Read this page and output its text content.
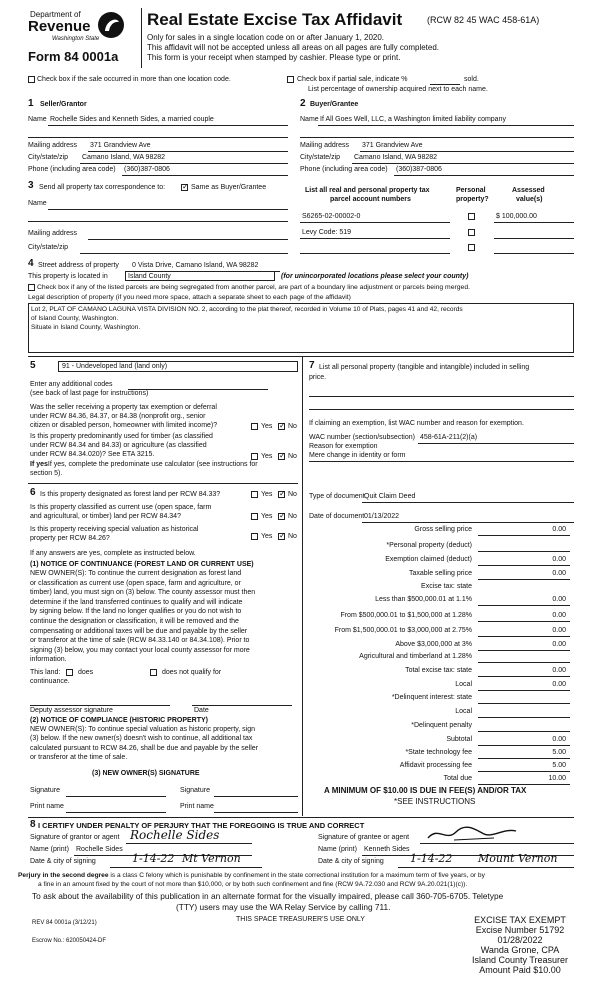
Department of
Revenue
Washington State
Form 84 0001a
Real Estate Excise Tax Affidavit	(RCW 82 45 WAC 458-61A)
Only for sales in a single location code on or after January 1, 2020.
This affidavit will not be accepted unless all areas on all pages are fully completed.
This form is your receipt when stamped by cashier. Please type or print.
Check box if the sale occurred in more than one location code.	Check box if partial sale, indicate %	sold.
List percentage of ownership acquired next to each name.
1 Seller/Grantor
Name Rochelle Sides and Kenneth Sides, a married couple
Mailing address 371 Grandview Ave
City/state/zip Camano Island, WA 98282
Phone (including area code) (360)387-0806
2 Buyer/Grantee
Name If All Goes Well, LLC, a Washington limited liability company
Mailing address 371 Grandview Ave
City/state/zip Camano Island, WA 98282
Phone (including area code) (360)387-0806
3 Send all property tax correspondence to: ✓	Same as Buyer/Grantee
Name
Mailing address
City/state/zip
List all real and personal property tax
parcel account numbers
Personal
property?
Assessed
value(s)
S6265-02-00002-0	$ 100,000.00
Levy Code: 519
4 Street address of property 0 Vista Drive, Camano Island, WA 98282
This property is located in	Island County	(for unincorporated locations please select your county)
Check box if any of the listed parcels are being segregated from another parcel, are part of a boundary line adjustment or parcels being merged.
Legal description of property (if you need more space, attach a separate sheet to each page of the affidavit)
Lot 2, PLAT OF CAMANO LAGUNA VISTA DIVISION NO. 2, according to the plat thereof, recorded in Volume 10 of Plats, pages 41 and 42, records
of Island County, Washington.
Situate in Island County, Washington.
5	91 - Undeveloped land (land only)
Enter any additional codes
(see back of last page for instructions)
Was the seller receiving a property tax exemption or deferral
under RCW 84.36, 84.37, or 84.38 (nonprofit org., senior
citizen or disabled person, homeowner with limited income)?	Yes ✓ No
Is this property predominantly used for timber (as classified
under RCW 84.34 and 84.33) or agriculture (as classified
under RCW 84.34.020)? See ETA 3215.	Yes ✓ No
If yesIf yes, complete the predominate use calculator (see instructions for
section 5).
6 Is this property designated as forest land per RCW 84.33?	Yes ✓ No
Is this property classified as current use (open space, farm
and agricultural, or timber) land per RCW 84.34?	Yes ✓ No
Is this property receiving special valuation as historical
property per RCW 84.26?	Yes ✓ No
If any answers are yes, complete as instructed below.
(1) NOTICE OF CONTINUANCE (FOREST LAND OR CURRENT USE)
NEW OWNER(S): To continue the current designation as forest land
or classification as current use (open space, farm and agriculture, or
timber) land, you must sign on (3) below. The county assessor must then
determine if the land transferred continues to qualify and will indicate
by signing below. If the land no longer qualifies or you do not wish to
continue the designation or classification, it will be removed and the
compensating or additional taxes will be due and payable by the seller
or transferor at the time of sale (RCW 84.33.140 or 84.34.108). Prior to
signing (3) below, you may contact your local county assessor for more
information.
This land:	does	does not qualify for
continuance.
Deputy assessor signature	Date
(2) NOTICE OF COMPLIANCE (HISTORIC PROPERTY)
NEW OWNER(S): To continue special valuation as historic property, sign
(3) below. If the new owner(s) doesn't wish to continue, all additional tax
calculated pursuant to RCW 84.26, shall be due and payable by the seller
or transferor at the time of sale.
(3) NEW OWNER(S) SIGNATURE
Signature	Signature
Print name	Print name
7 List all personal property (tangible and intangible) included in selling
price.
If claiming an exemption, list WAC number and reason for exemption.
WAC number (section/subsection) 458-61A-211(2)(a)
Reason for exemption
Mere change in identity or form
Type of document Quit Claim Deed
Date of document 01/13/2022
Gross selling price	0.00
*Personal property (deduct)
Exemption claimed (deduct)	0.00
Taxable selling price	0.00
Excise tax: state
Less than $500,000.01 at 1.1%	0.00
From $500,000.01 to $1,500,000 at 1.28%	0.00
From $1,500,000.01 to $3,000,000 at 2.75%	0.00
Above $3,000,000 at 3%	0.00
Agricultural and timberland at 1.28%
Total excise tax: state	0.00
Local	0.00
*Delinquent interest: state
Local
*Delinquent penalty
Subtotal	0.00
*State technology fee	5.00
Affidavit processing fee	5.00
Total due	10.00
A MINIMUM OF $10.00 IS DUE IN FEE(S) AND/OR TAX
*SEE INSTRUCTIONS
8 I CERTIFY UNDER PENALTY OF PERJURY THAT THE FOREGOING IS TRUE AND CORRECT
Signature of grantor or agent Rochelle Sides
Name (print) Rochelle Sides
Date & city of signing	1-14-22 Mt Vernon
Signature of grantee or agent
Name (print) Kenneth Sides
Date & city of signing 1-14-22 Mount Vernon
Perjury in the second degree is a class C felony which is punishable by confinement in the state correctional institution for a maximum term of five years, or by
a fine in an amount fixed by the court of not more than $10,000, or by both such confinement and fine (RCW 9A.72.030 and RCW 9A.20.021(1)(c)).
To ask about the availability of this publication in an alternate format for the visually impaired, please call 360-705-6705. Teletype
(TTY) users may use the WA Relay Service by calling 711.
REV 84 0001a (3/12/21)	THIS SPACE TREASURER'S USE ONLY
Escrow No.: 620050424-DF
EXCISE TAX EXEMPT
Excise Number 51792
01/28/2022
Wanda Grone, CPA
Island County Treasurer
Amount Paid $10.00
